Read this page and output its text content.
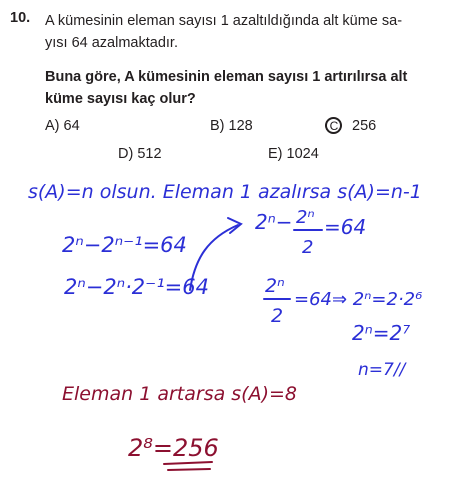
10. A kümesinin eleman sayısı 1 azaltıldığında alt küme sa-
yısı 64 azalmaktadır.
Buna göre, A kümesinin eleman sayısı 1 artırılırsa alt
küme sayısı kaç olur?
A) 64	B) 128	C 256
D) 512	E) 1024
s(A)=n olsun. Eleman 1 azalırsa s(A)=n-1
2ⁿ−2ⁿ⁻¹=64
2ⁿ−2ⁿ·2⁻¹=64
2ⁿ− 2ⁿ
2
=64
2ⁿ
2
=64⇒ 2ⁿ=2·2⁶
2ⁿ=2⁷
n=7//
Eleman 1 artarsa s(A)=8
2⁸=256
